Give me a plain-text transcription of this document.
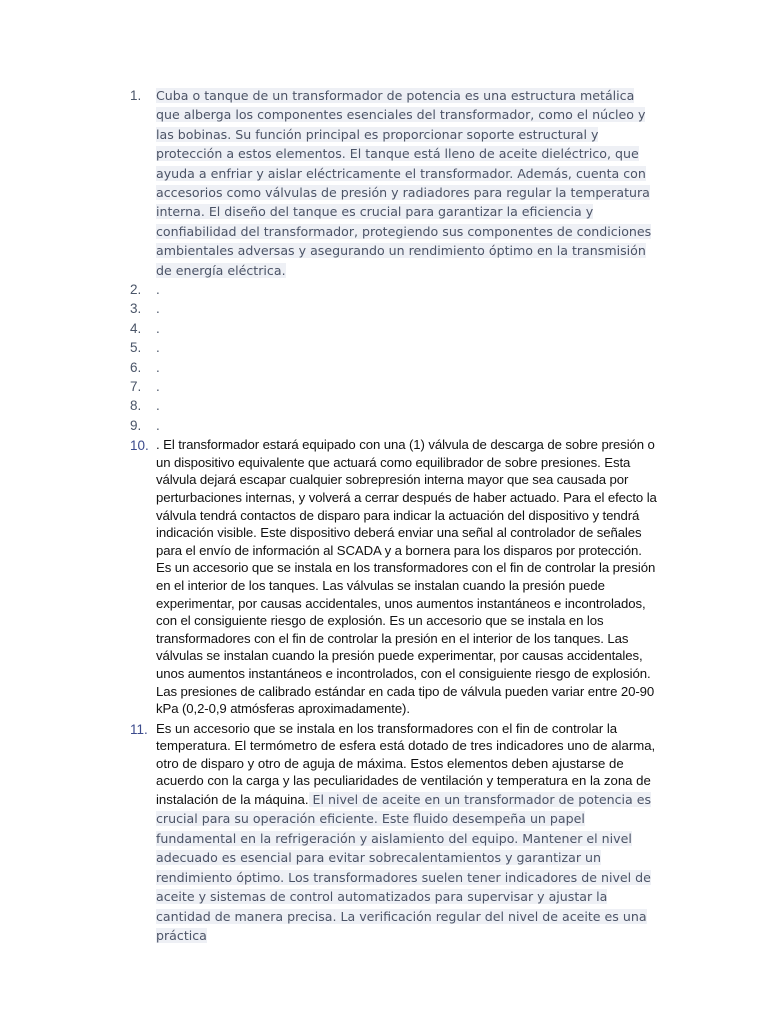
1. Cuba o tanque de un transformador de potencia es una estructura metálica que alberga los componentes esenciales del transformador, como el núcleo y las bobinas. Su función principal es proporcionar soporte estructural y protección a estos elementos. El tanque está lleno de aceite dieléctrico, que ayuda a enfriar y aislar eléctricamente el transformador. Además, cuenta con accesorios como válvulas de presión y radiadores para regular la temperatura interna. El diseño del tanque es crucial para garantizar la eficiencia y confiabilidad del transformador, protegiendo sus componentes de condiciones ambientales adversas y asegurando un rendimiento óptimo en la transmisión de energía eléctrica.

2. .
3. .
4. .
5. .
6. .
7. .
8. .
9. .
10. . El transformador estará equipado con una (1) válvula de descarga de sobre presión o un dispositivo equivalente que actuará como equilibrador de sobre presiones. Esta válvula dejará escapar cualquier sobrepresión interna mayor que sea causada por perturbaciones internas, y volverá a cerrar después de haber actuado. Para el efecto la válvula tendrá contactos de disparo para indicar la actuación del dispositivo y tendrá indicación visible. Este dispositivo deberá enviar una señal al controlador de señales para el envío de información al SCADA y a bornera para los disparos por protección. Es un accesorio que se instala en los transformadores con el fin de controlar la presión en el interior de los tanques. Las válvulas se instalan cuando la presión puede experimentar, por causas accidentales, unos aumentos instantáneos e incontrolados, con el consiguiente riesgo de explosión. Es un accesorio que se instala en los transformadores con el fin de controlar la presión en el interior de los tanques. Las válvulas se instalan cuando la presión puede experimentar, por causas accidentales, unos aumentos instantáneos e incontrolados, con el consiguiente riesgo de explosión. Las presiones de calibrado estándar en cada tipo de válvula pueden variar entre 20-90 kPa (0,2-0,9 atmósferas aproximadamente).

11. Es un accesorio que se instala en los transformadores con el fin de controlar la temperatura. El termómetro de esfera está dotado de tres indicadores uno de alarma, otro de disparo y otro de aguja de máxima. Estos elementos deben ajustarse de acuerdo con la carga y las peculiaridades de ventilación y temperatura en la zona de instalación de la máquina. El nivel de aceite en un transformador de potencia es crucial para su operación eficiente. Este fluido desempeña un papel fundamental en la refrigeración y aislamiento del equipo. Mantener el nivel adecuado es esencial para evitar sobrecalentamientos y garantizar un rendimiento óptimo. Los transformadores suelen tener indicadores de nivel de aceite y sistemas de control automatizados para supervisar y ajustar la cantidad de manera precisa. La verificación regular del nivel de aceite es una práctica
